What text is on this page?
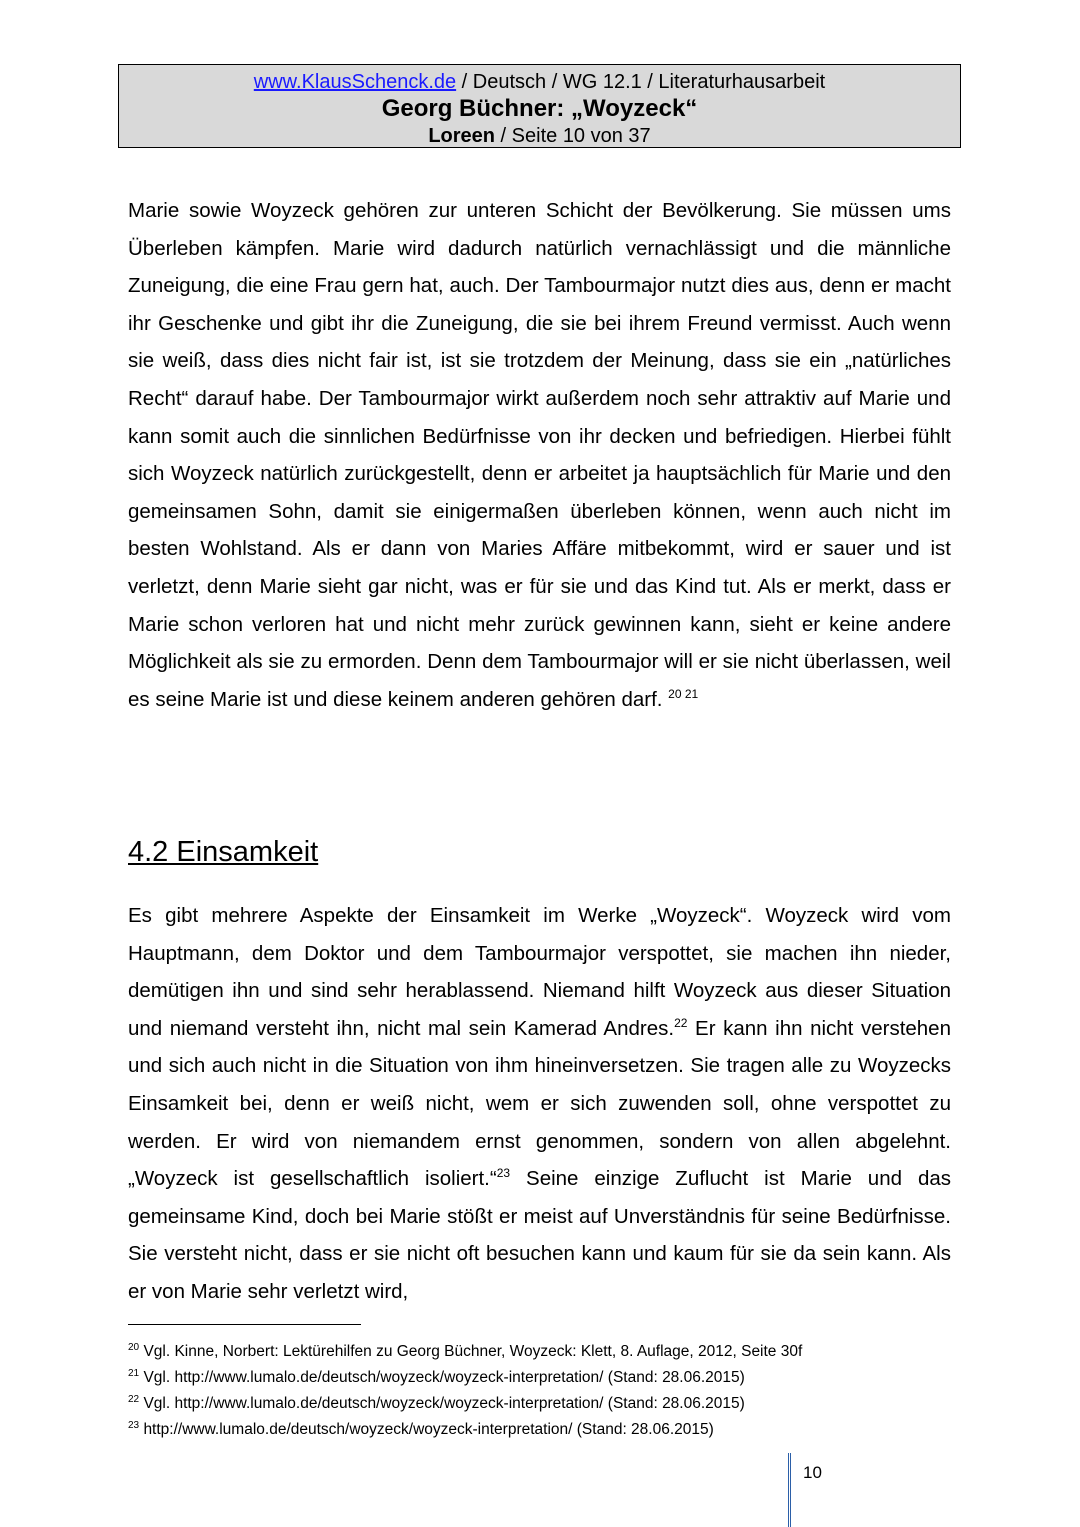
www.KlausSchenck.de / Deutsch / WG 12.1 / Literaturhausarbeit
Georg Büchner: „Woyzeck“
Loreen / Seite 10 von 37

Marie sowie Woyzeck gehören zur unteren Schicht der Bevölkerung. Sie müssen ums Überleben kämpfen. Marie wird dadurch natürlich vernachlässigt und die männliche Zuneigung, die eine Frau gern hat, auch. Der Tambourmajor nutzt dies aus, denn er macht ihr Geschenke und gibt ihr die Zuneigung, die sie bei ihrem Freund vermisst. Auch wenn sie weiß, dass dies nicht fair ist, ist sie trotzdem der Meinung, dass sie ein „natürliches Recht“ darauf habe. Der Tambourmajor wirkt außerdem noch sehr attraktiv auf Marie und kann somit auch die sinnlichen Bedürfnisse von ihr decken und befriedigen. Hierbei fühlt sich Woyzeck natürlich zurückgestellt, denn er arbeitet ja hauptsächlich für Marie und den gemeinsamen Sohn, damit sie einigermaßen überleben können, wenn auch nicht im besten Wohlstand. Als er dann von Maries Affäre mitbekommt, wird er sauer und ist verletzt, denn Marie sieht gar nicht, was er für sie und das Kind tut. Als er merkt, dass er Marie schon verloren hat und nicht mehr zurück gewinnen kann, sieht er keine andere Möglichkeit als sie zu ermorden. Denn dem Tambourmajor will er sie nicht überlassen, weil es seine Marie ist und diese keinem anderen gehören darf. $^{20 21}$

4.2 Einsamkeit

Es gibt mehrere Aspekte der Einsamkeit im Werke „Woyzeck“. Woyzeck wird vom Hauptmann, dem Doktor und dem Tambourmajor verspottet, sie machen ihn nieder, demütigen ihn und sind sehr herablassend. Niemand hilft Woyzeck aus dieser Situation und niemand versteht ihn, nicht mal sein Kamerad Andres.$^{22}$ Er kann ihn nicht verstehen und sich auch nicht in die Situation von ihm hineinversetzen. Sie tragen alle zu Woyzecks Einsamkeit bei, denn er weiß nicht, wem er sich zuwenden soll, ohne verspottet zu werden. Er wird von niemandem ernst genommen, sondern von allen abgelehnt. „Woyzeck ist gesellschaftlich isoliert.“$^{23}$ Seine einzige Zuflucht ist Marie und das gemeinsame Kind, doch bei Marie stößt er meist auf Unverständnis für seine Bedürfnisse. Sie versteht nicht, dass er sie nicht oft besuchen kann und kaum für sie da sein kann. Als er von Marie sehr verletzt wird,

$^{20}$ Vgl. Kinne, Norbert: Lektürehilfen zu Georg Büchner, Woyzeck: Klett, 8. Auflage, 2012, Seite 30f
$^{21}$ Vgl. http://www.lumalo.de/deutsch/woyzeck/woyzeck-interpretation/ (Stand: 28.06.2015)
$^{22}$ Vgl. http://www.lumalo.de/deutsch/woyzeck/woyzeck-interpretation/ (Stand: 28.06.2015)
$^{23}$ http://www.lumalo.de/deutsch/woyzeck/woyzeck-interpretation/ (Stand: 28.06.2015)
10
